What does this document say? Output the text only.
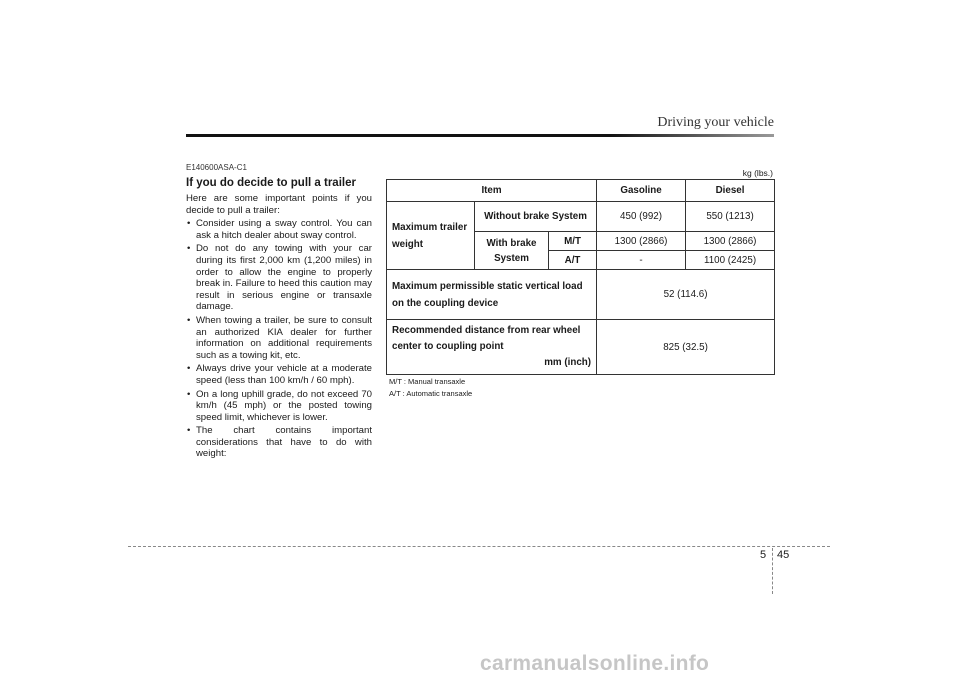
Driving your vehicle
E140600ASA-C1
If you do decide to pull a trailer
Here are some important points if you decide to pull a trailer:
• Consider using a sway control. You can ask a hitch dealer about sway control.
• Do not do any towing with your car during its first 2,000 km (1,200 miles) in order to allow the engine to properly break in. Failure to heed this caution may result in serious engine or transaxle damage.
• When towing a trailer, be sure to consult an authorized KIA dealer for further information on additional requirements such as a towing kit, etc.
• Always drive your vehicle at a moderate speed (less than 100 km/h / 60 mph).
• On a long uphill grade, do not exceed 70 km/h (45 mph) or the posted towing speed limit, whichever is lower.
• The chart contains important considerations that have to do with weight:
kg (lbs.)
Item			Gasoline	Diesel
Maximum trailer weight	Without brake System		450 (992)	550 (1213)
	With brake System	M/T	1300 (2866)	1300 (2866)
		A/T	-	1100 (2425)
Maximum permissible static vertical load on the coupling device			52 (114.6)	

Recommended distance from rear wheel center to coupling point
mm (inch)			825 (32.5)	
M/T : Manual transaxle
A/T : Automatic transaxle
5 45
carmanualsonline.info
